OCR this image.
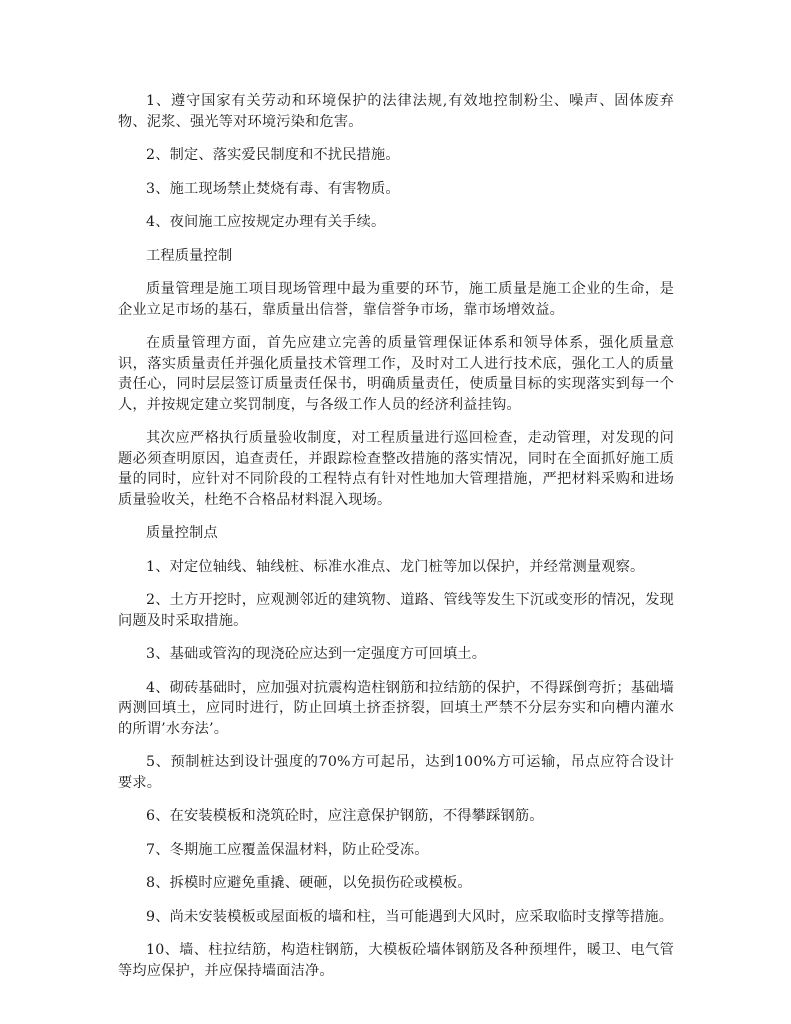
1、遵守国家有关劳动和环境保护的法律法规,有效地控制粉尘、噪声、固体废弃物、泥浆、强光等对环境污染和危害。

2、制定、落实爱民制度和不扰民措施。

3、施工现场禁止焚烧有毒、有害物质。

4、夜间施工应按规定办理有关手续。

工程质量控制

质量管理是施工项目现场管理中最为重要的环节，施工质量是施工企业的生命，是企业立足市场的基石，靠质量出信誉，靠信誉争市场，靠市场增效益。

在质量管理方面，首先应建立完善的质量管理保证体系和领导体系，强化质量意识，落实质量责任并强化质量技术管理工作，及时对工人进行技术底，强化工人的质量责任心，同时层层签订质量责任保书，明确质量责任，使质量目标的实现落实到每一个人，并按规定建立奖罚制度，与各级工作人员的经济利益挂钩。

其次应严格执行质量验收制度，对工程质量进行巡回检查，走动管理，对发现的问题必须查明原因，追查责任，并跟踪检查整改措施的落实情况，同时在全面抓好施工质量的同时，应针对不同阶段的工程特点有针对性地加大管理措施，严把材料采购和进场质量验收关，杜绝不合格品材料混入现场。

质量控制点

1、对定位轴线、轴线桩、标准水准点、龙门桩等加以保护，并经常测量观察。

2、土方开挖时，应观测邻近的建筑物、道路、管线等发生下沉或变形的情况，发现问题及时采取措施。

3、基础或管沟的现浇砼应达到一定强度方可回填土。

4、砌砖基础时，应加强对抗震构造柱钢筋和拉结筋的保护，不得踩倒弯折；基础墙两测回填土，应同时进行，防止回填土挤歪挤裂，回填土严禁不分层夯实和向槽内灌水的所谓’水夯法’。

5、预制桩达到设计强度的70%方可起吊，达到100%方可运输，吊点应符合设计要求。

6、在安装模板和浇筑砼时，应注意保护钢筋，不得攀踩钢筋。

7、冬期施工应覆盖保温材料，防止砼受冻。

8、拆模时应避免重撬、硬砸，以免损伤砼或模板。

9、尚未安装模板或屋面板的墙和柱，当可能遇到大风时，应采取临时支撑等措施。

10、墙、柱拉结筋，构造柱钢筋，大模板砼墙体钢筋及各种预埋件，暖卫、电气管等均应保护，并应保持墙面洁净。
